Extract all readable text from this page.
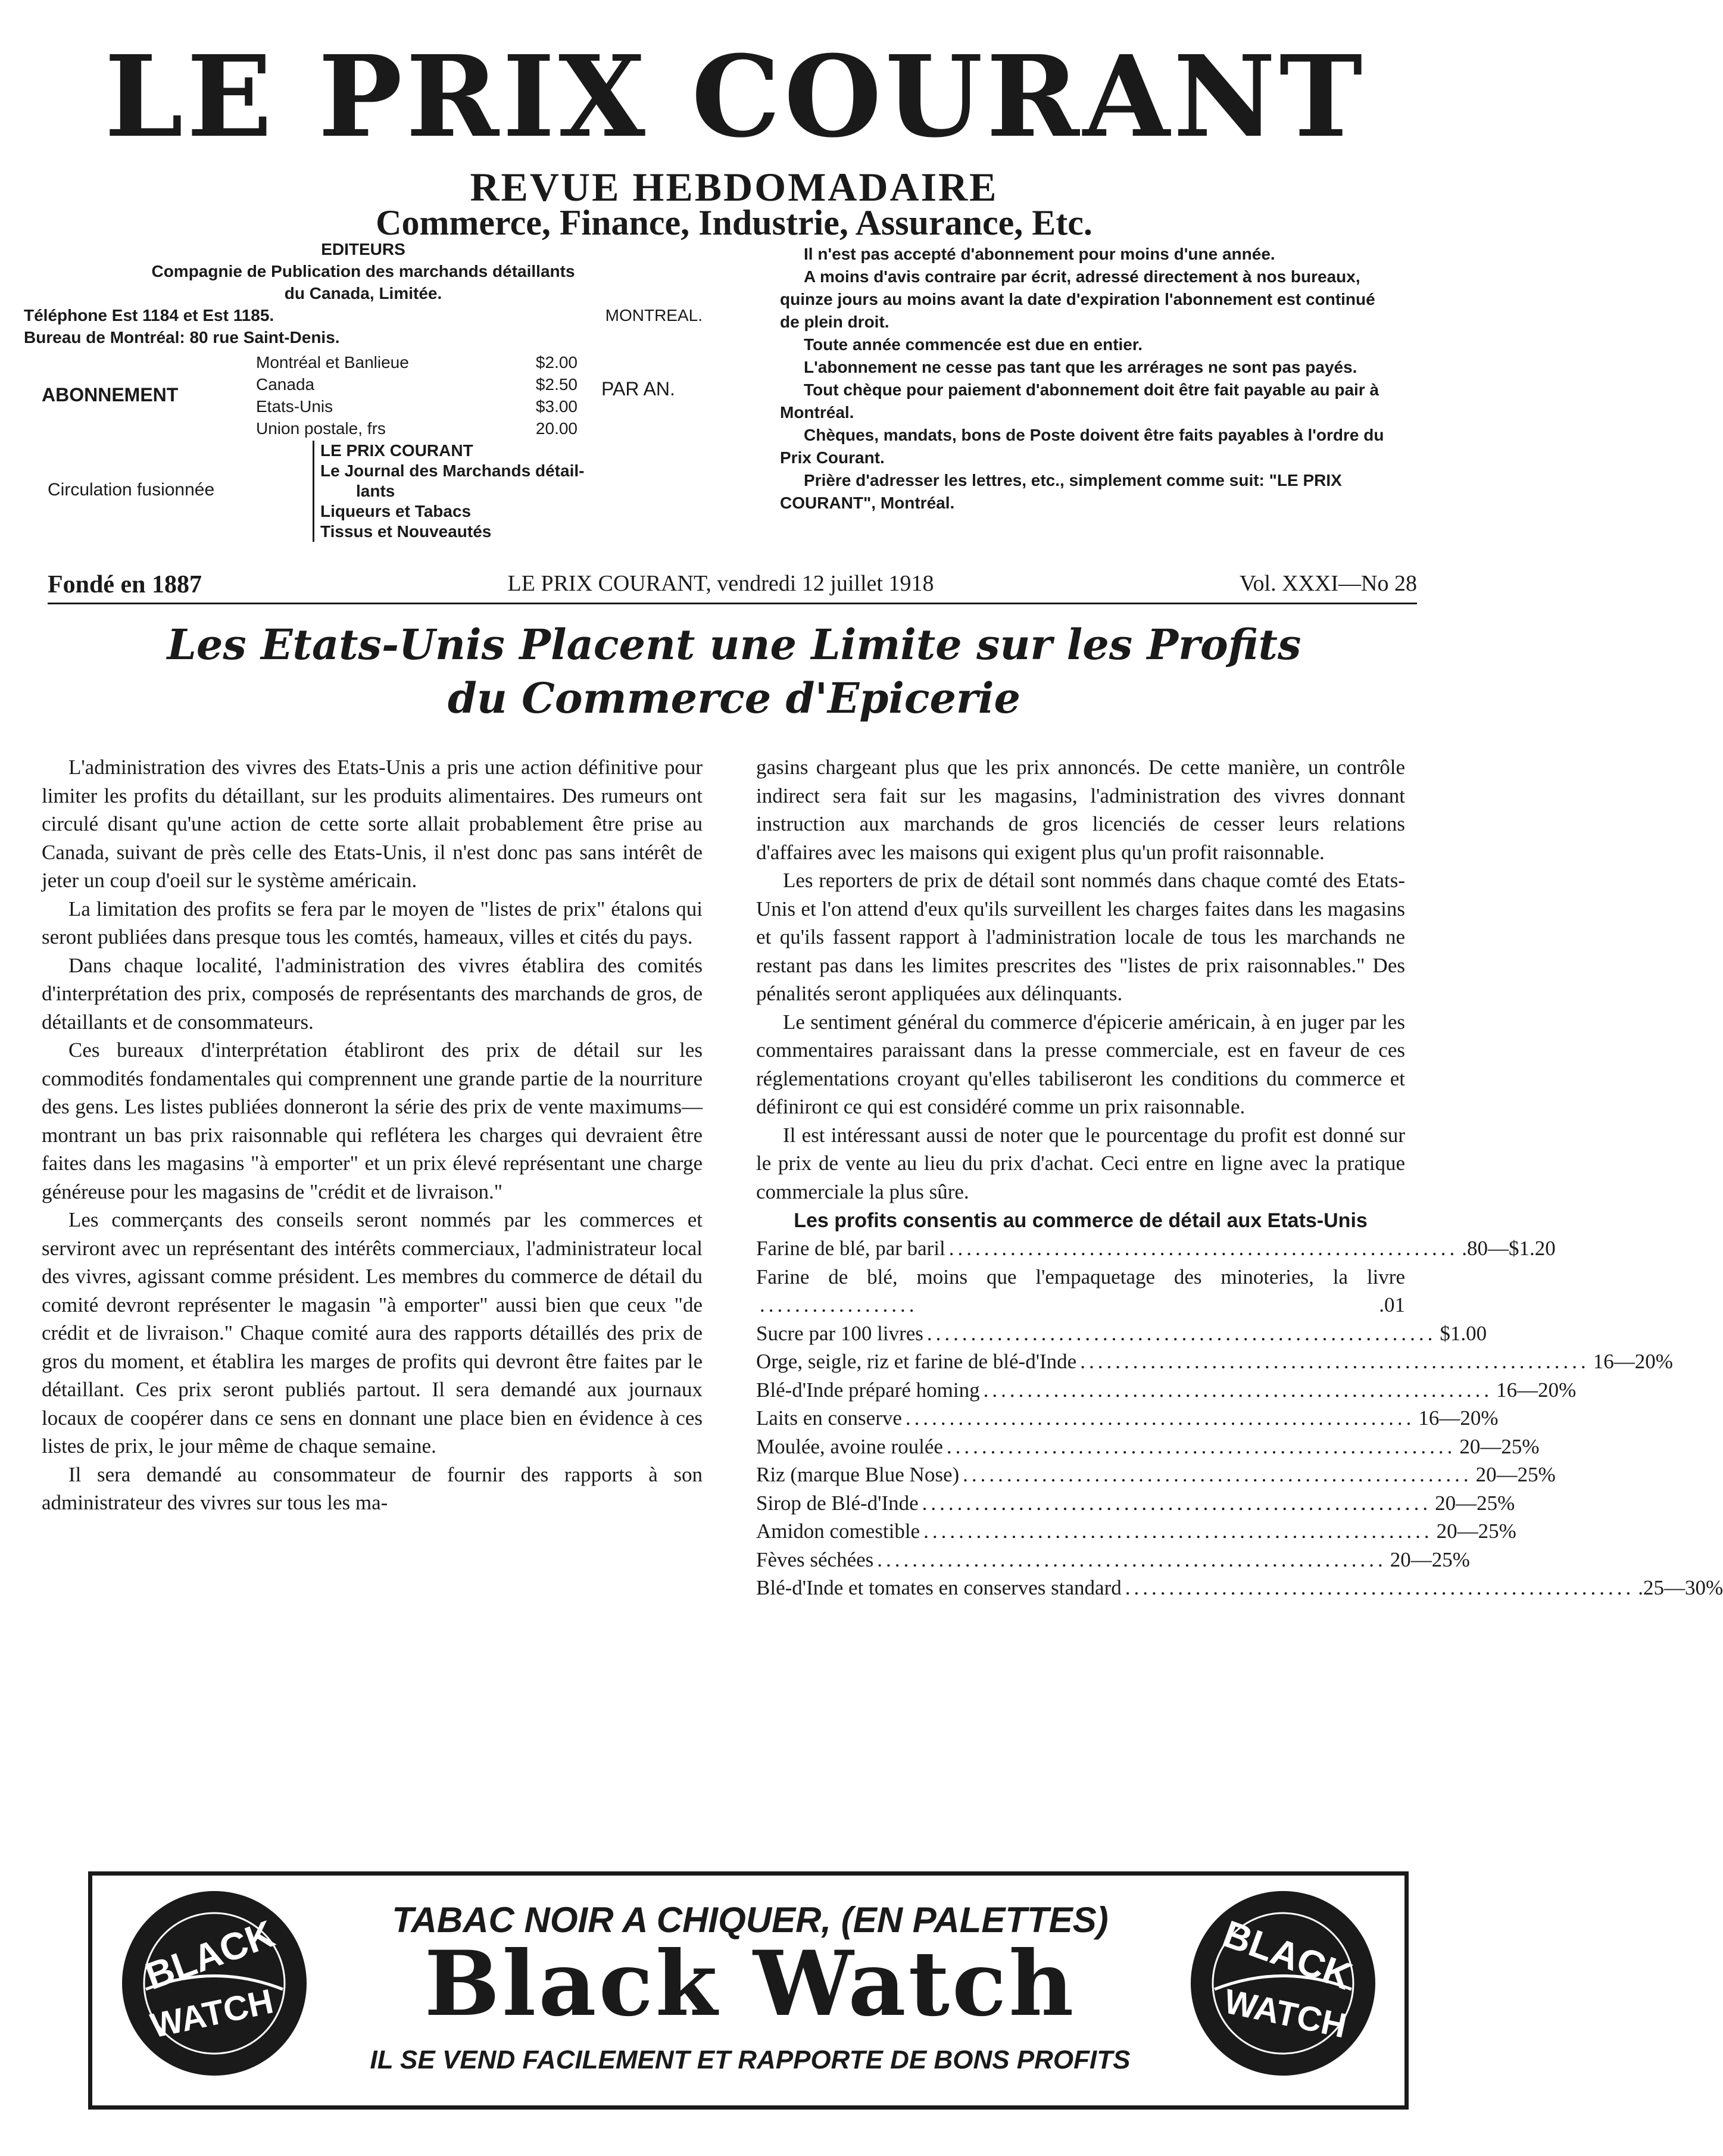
LE PRIX COURANT
REVUE HEBDOMADAIRE
Commerce, Finance, Industrie, Assurance, Etc.
EDITEURS
Compagnie de Publication des marchands détaillants
du Canada, Limitée.
Téléphone Est 1184 et Est 1185.	MONTREAL.
Bureau de Montréal: 80 rue Saint-Denis.
ABONNEMENT
Montréal et Banlieue	$2.00
Canada	$2.50
Etats-Unis	$3.00
Union postale, frs	20.00
PAR AN.
Circulation fusionnée
LE PRIX COURANT
Le Journal des Marchands détail-
lants
Liqueurs et Tabacs
Tissus et Nouveautés

Il n'est pas accepté d'abonnement pour moins d'une année.

A moins d'avis contraire par écrit, adressé directement à nos bureaux, quinze jours au moins avant la date d'expiration l'abonnement est continué de plein droit.

Toute année commencée est due en entier.

L'abonnement ne cesse pas tant que les arrérages ne sont pas payés.

Tout chèque pour paiement d'abonnement doit être fait payable au pair à Montréal.

Chèques, mandats, bons de Poste doivent être faits payables à l'ordre du Prix Courant.

Prière d'adresser les lettres, etc., simplement comme suit: "LE PRIX COURANT", Montréal.

Fondé en 1887	LE PRIX COURANT, vendredi 12 juillet 1918	Vol. XXXI—No 28
Les Etats-Unis Placent une Limite sur les Profits
du Commerce d'Epicerie

L'administration des vivres des Etats-Unis a pris une action définitive pour limiter les profits du détaillant, sur les produits alimentaires. Des rumeurs ont circulé disant qu'une action de cette sorte allait probablement être prise au Canada, suivant de près celle des Etats-Unis, il n'est donc pas sans intérêt de jeter un coup d'oeil sur le système américain.

La limitation des profits se fera par le moyen de "listes de prix" étalons qui seront publiées dans presque tous les comtés, hameaux, villes et cités du pays.

Dans chaque localité, l'administration des vivres établira des comités d'interprétation des prix, composés de représentants des marchands de gros, de détaillants et de consommateurs.

Ces bureaux d'interprétation établiront des prix de détail sur les commodités fondamentales qui comprennent une grande partie de la nourriture des gens. Les listes publiées donneront la série des prix de vente maximums—montrant un bas prix raisonnable qui reflétera les charges qui devraient être faites dans les magasins "à emporter" et un prix élevé représentant une charge généreuse pour les magasins de "crédit et de livraison."

Les commerçants des conseils seront nommés par les commerces et serviront avec un représentant des intérêts commerciaux, l'administrateur local des vivres, agissant comme président. Les membres du commerce de détail du comité devront représenter le magasin "à emporter" aussi bien que ceux "de crédit et de livraison." Chaque comité aura des rapports détaillés des prix de gros du moment, et établira les marges de profits qui devront être faites par le détaillant. Ces prix seront publiés partout. Il sera demandé aux journaux locaux de coopérer dans ce sens en donnant une place bien en évidence à ces listes de prix, le jour même de chaque semaine.

Il sera demandé au consommateur de fournir des rapports à son administrateur des vivres sur tous les ma-

gasins chargeant plus que les prix annoncés. De cette manière, un contrôle indirect sera fait sur les magasins, l'administration des vivres donnant instruction aux marchands de gros licenciés de cesser leurs relations d'affaires avec les maisons qui exigent plus qu'un profit raisonnable.

Les reporters de prix de détail sont nommés dans chaque comté des Etats-Unis et l'on attend d'eux qu'ils surveillent les charges faites dans les magasins et qu'ils fassent rapport à l'administration locale de tous les marchands ne restant pas dans les limites prescrites des "listes de prix raisonnables." Des pénalités seront appliquées aux délinquants.

Le sentiment général du commerce d'épicerie américain, à en juger par les commentaires paraissant dans la presse commerciale, est en faveur de ces réglementations croyant qu'elles tabiliseront les conditions du commerce et définiront ce qui est considéré comme un prix raisonnable.

Il est intéressant aussi de noter que le pourcentage du profit est donné sur le prix de vente au lieu du prix d'achat. Ceci entre en ligne avec la pratique commerciale la plus sûre.

Les profits consentis au commerce de détail aux Etats-Unis
Farine de blé, par baril .......................................................... .80—$1.20
Farine de blé, moins que l'empaquetage des minoteries, la livre ..................	.01
Sucre par 100 livres .......................................................... $1.00
Orge, seigle, riz et farine de blé-d'Inde .......................................................... 16—20%
Blé-d'Inde préparé homing .......................................................... 16—20%
Laits en conserve .......................................................... 16—20%
Moulée, avoine roulée .......................................................... 20—25%
Riz (marque Blue Nose) .......................................................... 20—25%
Sirop de Blé-d'Inde .......................................................... 20—25%
Amidon comestible .......................................................... 20—25%
Fèves séchées .......................................................... 20—25%
Blé-d'Inde et tomates en conserves standard .......................................................... .25—30%
BLACK
WATCH
TABAC NOIR A CHIQUER, (EN PALETTES)
Black Watch
IL SE VEND FACILEMENT ET RAPPORTE DE BONS PROFITS
BLACK
WATCH
